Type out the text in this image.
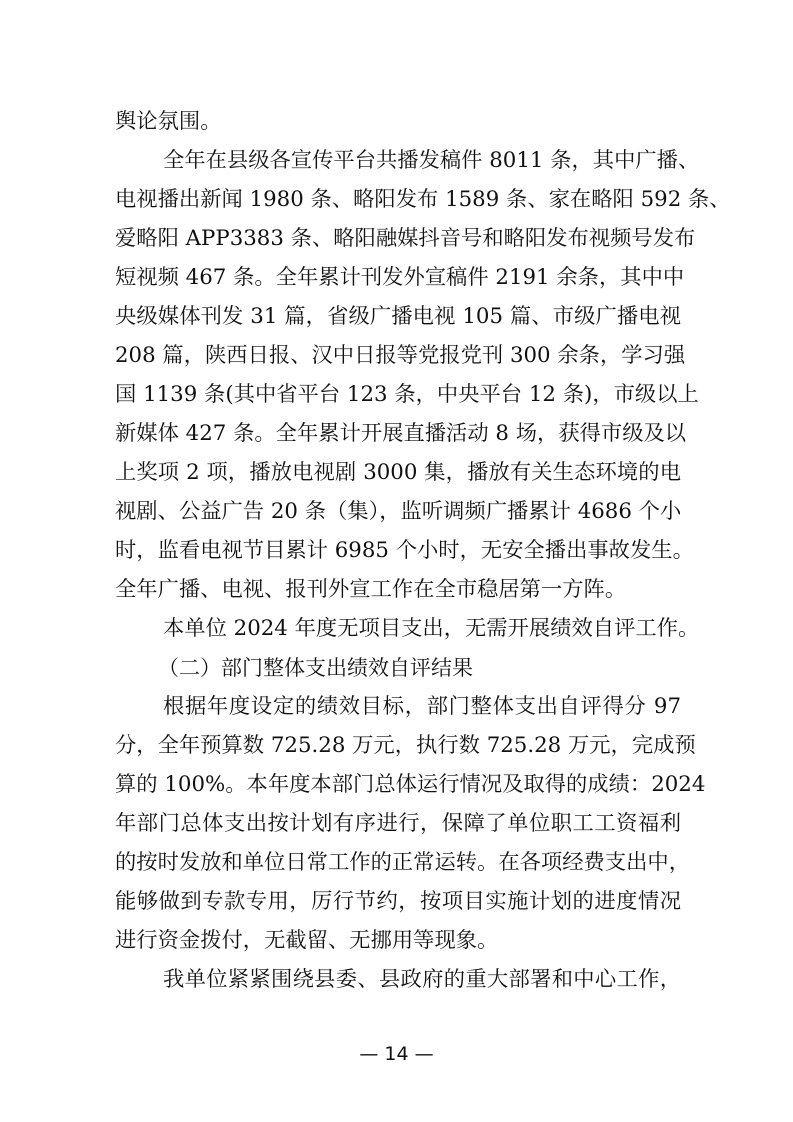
舆论氛围。
全年在县级各宣传平台共播发稿件 8011 条，其中广播、
电视播出新闻 1980 条、略阳发布 1589 条、家在略阳 592 条、
爱略阳 APP3383 条、略阳融媒抖音号和略阳发布视频号发布
短视频 467 条。全年累计刊发外宣稿件 2191 余条，其中中
央级媒体刊发 31 篇，省级广播电视 105 篇、市级广播电视
208 篇，陕西日报、汉中日报等党报党刊 300 余条，学习强
国 1139 条(其中省平台 123 条，中央平台 12 条)，市级以上
新媒体 427 条。全年累计开展直播活动 8 场，获得市级及以
上奖项 2 项，播放电视剧 3000 集，播放有关生态环境的电
视剧、公益广告 20 条（集），监听调频广播累计 4686 个小
时，监看电视节目累计 6985 个小时，无安全播出事故发生。
全年广播、电视、报刊外宣工作在全市稳居第一方阵。
本单位 2024 年度无项目支出，无需开展绩效自评工作。
（二）部门整体支出绩效自评结果
根据年度设定的绩效目标，部门整体支出自评得分 97
分，全年预算数 725.28 万元，执行数 725.28 万元，完成预
算的 100%。本年度本部门总体运行情况及取得的成绩：2024
年部门总体支出按计划有序进行，保障了单位职工工资福利
的按时发放和单位日常工作的正常运转。在各项经费支出中，
能够做到专款专用，厉行节约，按项目实施计划的进度情况
进行资金拨付，无截留、无挪用等现象。
我单位紧紧围绕县委、县政府的重大部署和中心工作，
— 14 —
